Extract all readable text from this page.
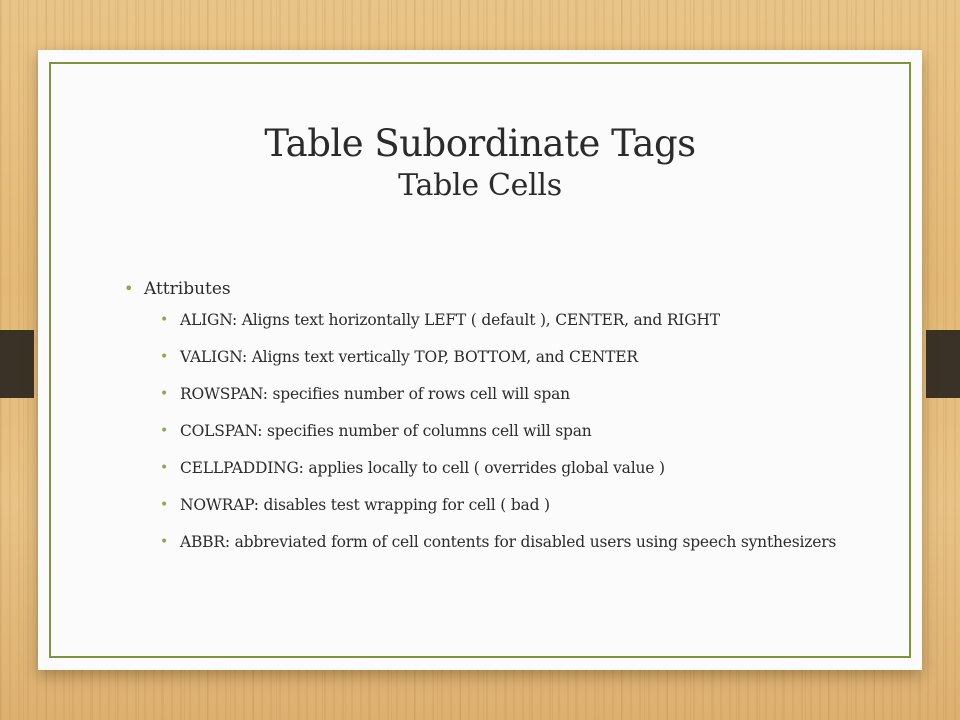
Table Subordinate Tags
Table Cells
• Attributes
• ALIGN: Aligns text horizontally LEFT ( default ), CENTER, and RIGHT
• VALIGN: Aligns text vertically TOP, BOTTOM, and CENTER
• ROWSPAN: specifies number of rows cell will span
• COLSPAN: specifies number of columns cell will span
• CELLPADDING: applies locally to cell ( overrides global value )
• NOWRAP: disables test wrapping for cell ( bad )
• ABBR: abbreviated form of cell contents for disabled users using speech synthesizers
